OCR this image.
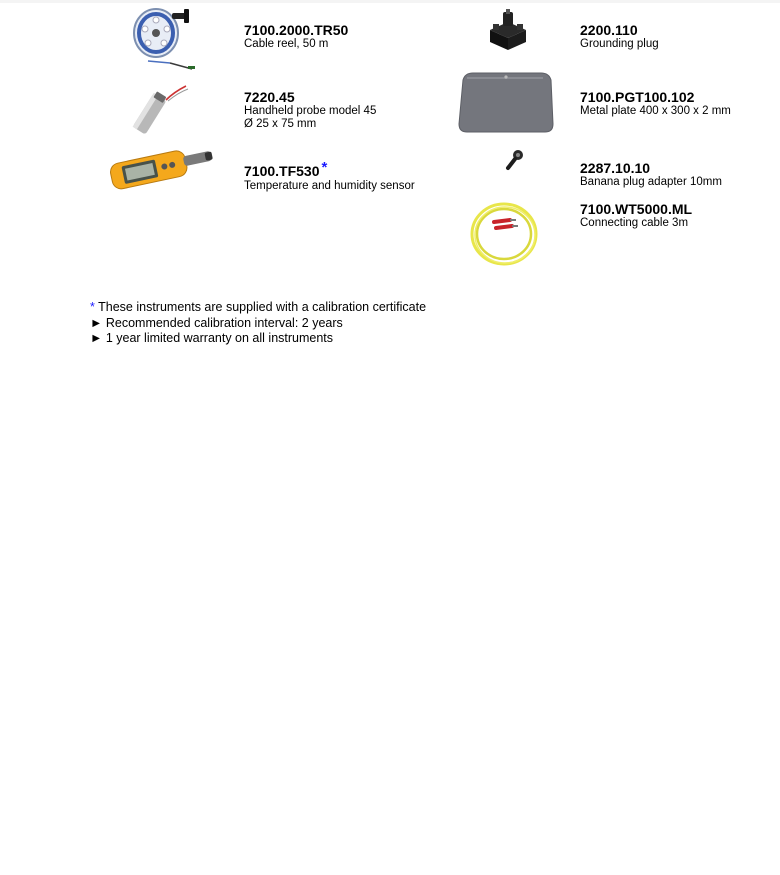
7100.2000.TR50
Cable reel, 50 m
7220.45
Handheld probe model 45
Ø 25 x 75 mm
7100.TF530 *
Temperature and humidity sensor
2200.110
Grounding plug
7100.PGT100.102
Metal plate 400 x 300 x 2 mm
2287.10.10
Banana plug adapter 10mm
7100.WT5000.ML
Connecting cable 3m
* These instruments are supplied with a calibration certificate
► Recommended calibration interval: 2 years
► 1 year limited warranty on all instruments
